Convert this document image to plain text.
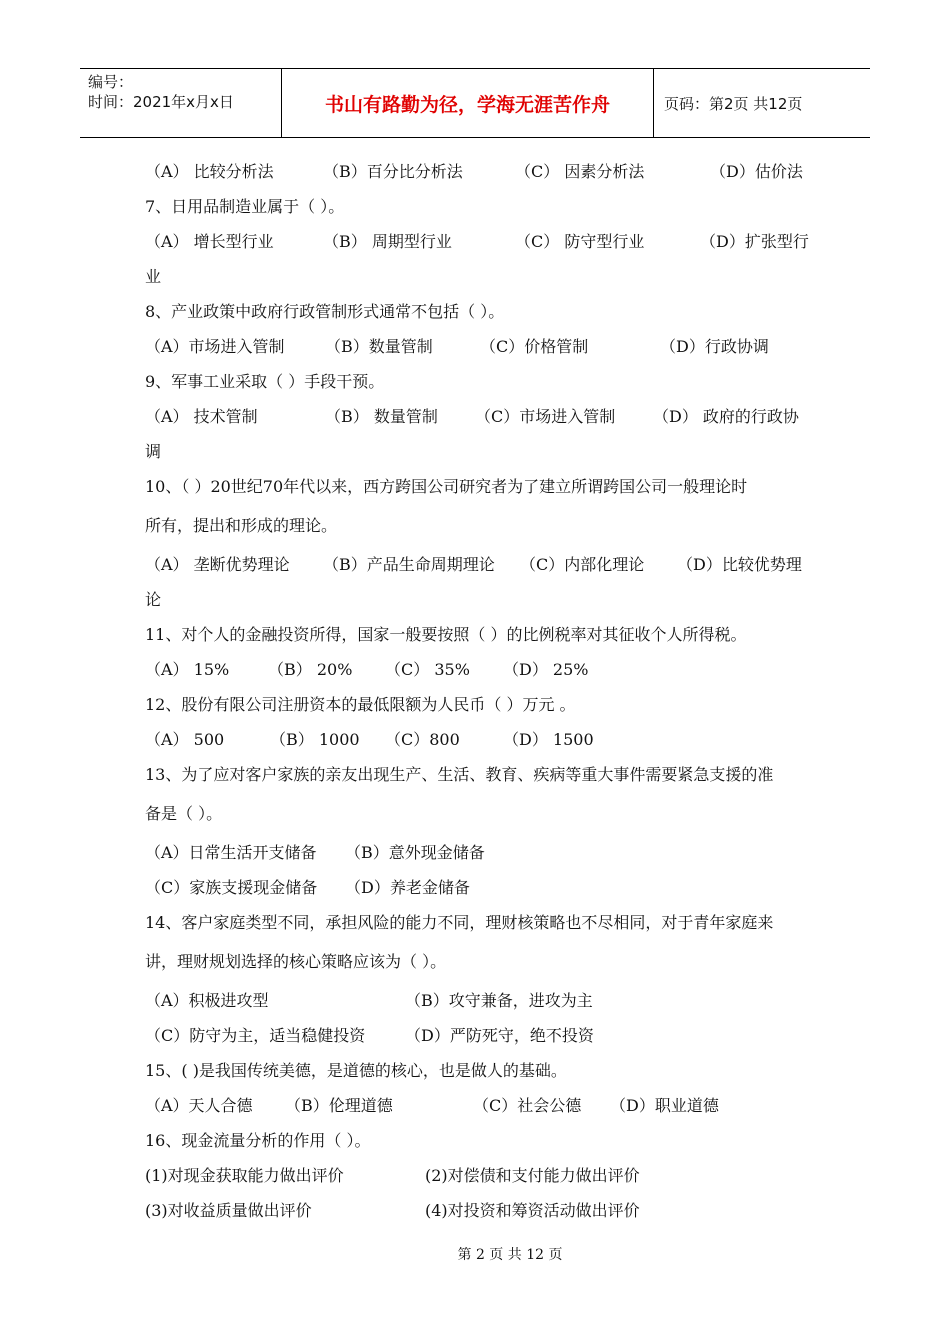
编号：
时间：2021年x月x日	书山有路勤为径，学海无涯苦作舟	页码：第2页 共12页
（A） 比较分析法	（B）百分比分析法	（C） 因素分析法	（D）估价法
7、日用品制造业属于（ ）。
（A） 增长型行业	（B） 周期型行业	（C） 防守型行业	（D）扩张型行
业
8、产业政策中政府行政管制形式通常不包括（ ）。
（A）市场进入管制	（B）数量管制	（C）价格管制	（D）行政协调
9、军事工业采取（ ）手段干预。
（A） 技术管制	（B） 数量管制 （C）市场进入管制 （D） 政府的行政协
调
10、（ ）20世纪70年代以来，西方跨国公司研究者为了建立所谓跨国公司一般理论时
所有，提出和形成的理论。
（A） 垄断优势理论 （B）产品生命周期理论 （C）内部化理论 （D）比较优势理
论
11、对个人的金融投资所得，国家一般要按照（ ）的比例税率对其征收个人所得税。
（A） 15% （B） 20% （C） 35% （D） 25%
12、股份有限公司注册资本的最低限额为人民币（ ）万元 。
（A） 500	（B） 1000 （C）800	（D） 1500
13、为了应对客户家族的亲友出现生产、生活、教育、疾病等重大事件需要紧急支援的准
备是（ ）。
（A）日常生活开支储备 （B）意外现金储备
（C）家族支援现金储备 （D）养老金储备
14、客户家庭类型不同，承担风险的能力不同，理财核策略也不尽相同，对于青年家庭来
讲，理财规划选择的核心策略应该为（ ）。
（A）积极进攻型	（B）攻守兼备，进攻为主
（C）防守为主，适当稳健投资 （D）严防死守，绝不投资
15、( )是我国传统美德，是道德的核心，也是做人的基础。
（A）天人合德 （B）伦理道德	（C）社会公德 （D）职业道德
16、现金流量分析的作用（ ）。
(1)对现金获取能力做出评价	(2)对偿债和支付能力做出评价
(3)对收益质量做出评价	(4)对投资和筹资活动做出评价
第 2 页 共 12 页
